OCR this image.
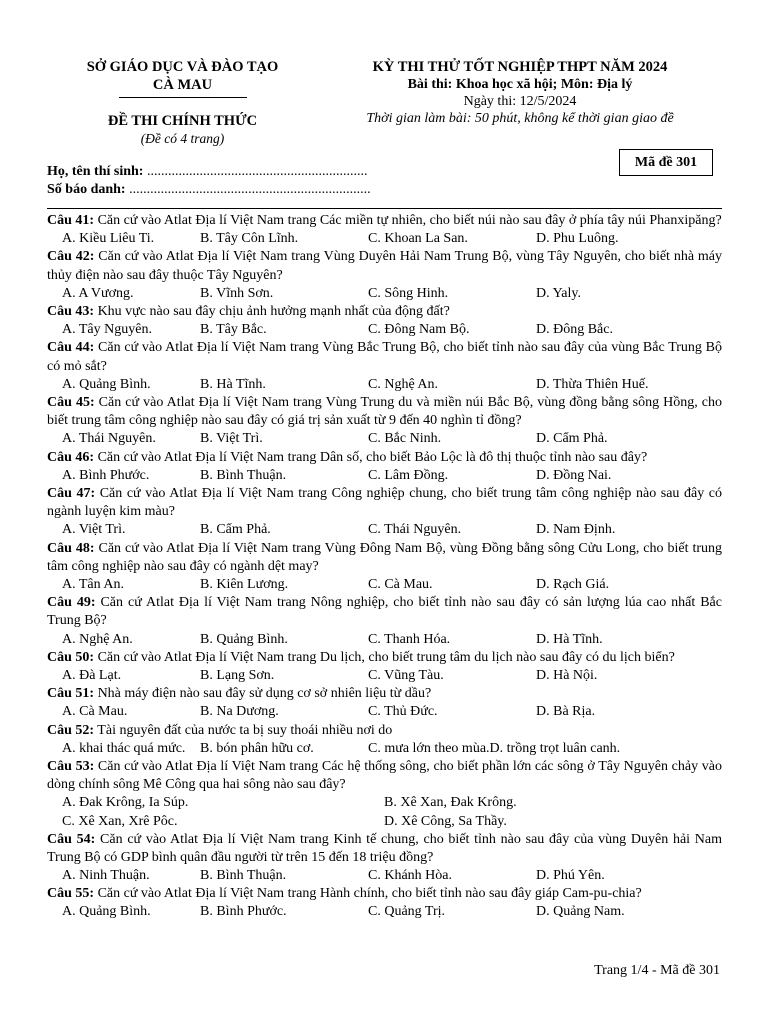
SỞ GIÁO DỤC VÀ ĐÀO TẠO
CÀ MAU
ĐỀ THI CHÍNH THỨC
(Đề có 4 trang)
KỲ THI THỬ TỐT NGHIỆP THPT NĂM 2024
Bài thi: Khoa học xã hội; Môn: Địa lý
Ngày thi: 12/5/2024
Thời gian làm bài: 50 phút, không kể thời gian giao đề
Mã đề 301
Họ, tên thí sinh: ...............................................................
Số báo danh: .....................................................................

Câu 41: Căn cứ vào Atlat Địa lí Việt Nam trang Các miền tự nhiên, cho biết núi nào sau đây ở phía tây núi Phanxipăng?

A. Kiều Liêu Ti.	B. Tây Côn Lĩnh.	C. Khoan La San.	D. Phu Luông.

Câu 42: Căn cứ vào Atlat Địa lí Việt Nam trang Vùng Duyên Hải Nam Trung Bộ, vùng Tây Nguyên, cho biết nhà máy thủy điện nào sau đây thuộc Tây Nguyên?

A. A Vương.	B. Vĩnh Sơn.	C. Sông Hinh.	D. Yaly.

Câu 43: Khu vực nào sau đây chịu ảnh hưởng mạnh nhất của động đất?

A. Tây Nguyên.	B. Tây Bắc.	C. Đông Nam Bộ.	D. Đông Bắc.

Câu 44: Căn cứ vào Atlat Địa lí Việt Nam trang Vùng Bắc Trung Bộ, cho biết tỉnh nào sau đây của vùng Bắc Trung Bộ có mỏ sắt?

A. Quảng Bình.	B. Hà Tĩnh.	C. Nghệ An.	D. Thừa Thiên Huế.

Câu 45: Căn cứ vào Atlat Địa lí Việt Nam trang Vùng Trung du và miền núi Bắc Bộ, vùng đồng bằng sông Hồng, cho biết trung tâm công nghiệp nào sau đây có giá trị sản xuất từ 9 đến 40 nghìn tỉ đồng?

A. Thái Nguyên.	B. Việt Trì.	C. Bắc Ninh.	D. Cẩm Phả.

Câu 46: Căn cứ vào Atlat Địa lí Việt Nam trang Dân số, cho biết Bảo Lộc là đô thị thuộc tỉnh nào sau đây?

A. Bình Phước.	B. Bình Thuận.	C. Lâm Đồng.	D. Đồng Nai.

Câu 47: Căn cứ vào Atlat Địa lí Việt Nam trang Công nghiệp chung, cho biết trung tâm công nghiệp nào sau đây có ngành luyện kim màu?

A. Việt Trì.	B. Cẩm Phả.	C. Thái Nguyên.	D. Nam Định.

Câu 48: Căn cứ vào Atlat Địa lí Việt Nam trang Vùng Đông Nam Bộ, vùng Đồng bằng sông Cửu Long, cho biết trung tâm công nghiệp nào sau đây có ngành dệt may?

A. Tân An.	B. Kiên Lương.	C. Cà Mau.	D. Rạch Giá.

Câu 49: Căn cứ Atlat Địa lí Việt Nam trang Nông nghiệp, cho biết tỉnh nào sau đây có sản lượng lúa cao nhất Bắc Trung Bộ?

A. Nghệ An.	B. Quảng Bình.	C. Thanh Hóa.	D. Hà Tĩnh.

Câu 50: Căn cứ vào Atlat Địa lí Việt Nam trang Du lịch, cho biết trung tâm du lịch nào sau đây có du lịch biển?

A. Đà Lạt.	B. Lạng Sơn.	C. Vũng Tàu.	D. Hà Nội.

Câu 51: Nhà máy điện nào sau đây sử dụng cơ sở nhiên liệu từ dầu?

A. Cà Mau.	B. Na Dương.	C. Thủ Đức.	D. Bà Rịa.

Câu 52: Tài nguyên đất của nước ta bị suy thoái nhiều nơi do

A. khai thác quá mức.	B. bón phân hữu cơ.	C. mưa lớn theo mùa.D. trồng trọt luân canh.

Câu 53: Căn cứ vào Atlat Địa lí Việt Nam trang Các hệ thống sông, cho biết phần lớn các sông ở Tây Nguyên chảy vào dòng chính sông Mê Công qua hai sông nào sau đây?

A. Đak Krông, Ia Súp.	B. Xê Xan, Đak Krông.
C. Xê Xan, Xrê Pôc.	D. Xê Công, Sa Thầy.

Câu 54: Căn cứ vào Atlat Địa lí Việt Nam trang Kinh tế chung, cho biết tỉnh nào sau đây của vùng Duyên hải Nam Trung Bộ có GDP bình quân đầu người từ trên 15 đến 18 triệu đồng?

A. Ninh Thuận.	B. Bình Thuận.	C. Khánh Hòa.	D. Phú Yên.

Câu 55: Căn cứ vào Atlat Địa lí Việt Nam trang Hành chính, cho biết tỉnh nào sau đây giáp Cam-pu-chia?

A. Quảng Bình.	B. Bình Phước.	C. Quảng Trị.	D. Quảng Nam.
Trang 1/4 - Mã đề 301
